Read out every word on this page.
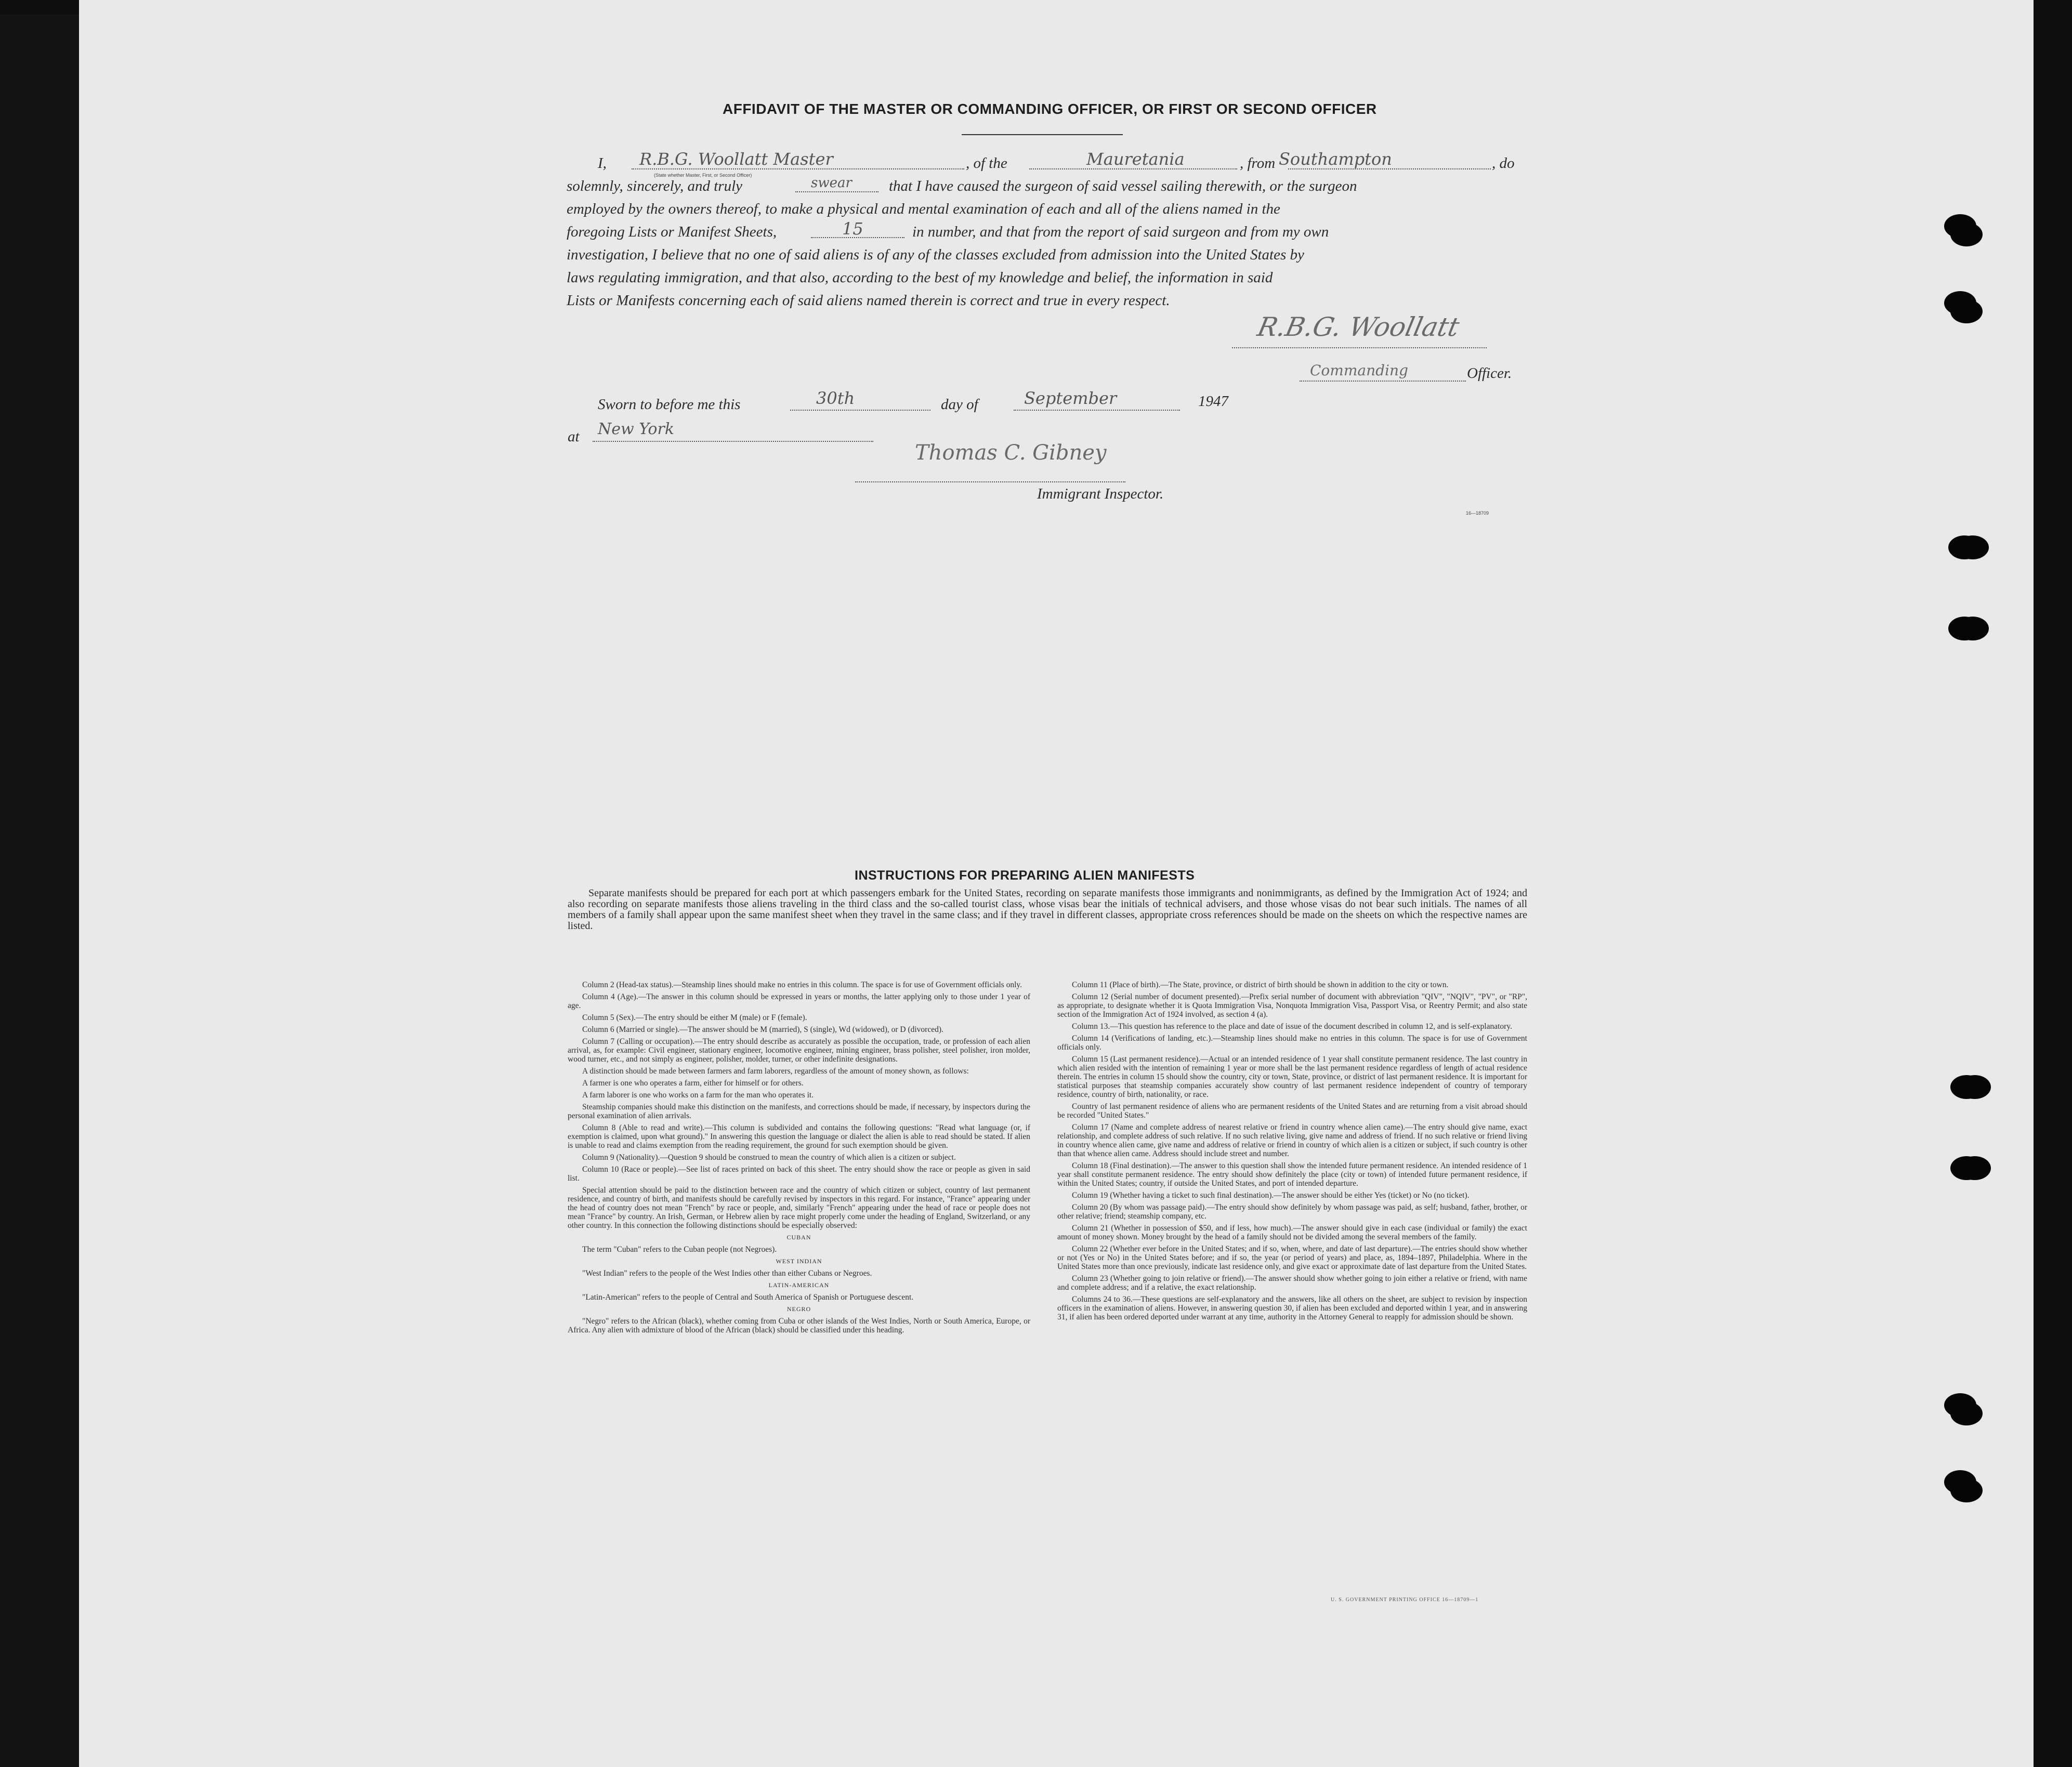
AFFIDAVIT OF THE MASTER OR COMMANDING OFFICER, OR FIRST OR SECOND OFFICER
I, R.B.G. Woollatt Master	, of the	Mauretania	, from Southampton	, do
(State whether Master, First, or Second Officer)
solemnly, sincerely, and truly	swear that I have caused the surgeon of said vessel sailing therewith, or the surgeon
employed by the owners thereof, to make a physical and mental examination of each and all of the aliens named in the
foregoing Lists or Manifest Sheets,	15	in number, and that from the report of said surgeon and from my own
investigation, I believe that no one of said aliens is of any of the classes excluded from admission into the United States by
laws regulating immigration, and that also, according to the best of my knowledge and belief, the information in said
Lists or Manifests concerning each of said aliens named therein is correct and true in every respect.
R.B.G. Woollatt
Commanding	Officer.
Sworn to before me this	30th	day of	September	1947
at New York
Thomas C. Gibney
Immigrant Inspector.
16—18709
INSTRUCTIONS FOR PREPARING ALIEN MANIFESTS
Separate manifests should be prepared for each port at which passengers embark for the United States, recording on separate manifests those immigrants and nonimmigrants, as defined by the Immigration Act of 1924; and also recording on separate manifests those aliens traveling in the third class and the so-called tourist class, whose visas bear the initials of technical advisers, and those whose visas do not bear such initials. The names of all members of a family shall appear upon the same manifest sheet when they travel in the same class; and if they travel in different classes, appropriate cross references should be made on the sheets on which the respective names are listed.

Column 2 (Head-tax status).—Steamship lines should make no entries in this column. The space is for use of Government officials only.

Column 4 (Age).—The answer in this column should be expressed in years or months, the latter applying only to those under 1 year of age.

Column 5 (Sex).—The entry should be either M (male) or F (female).

Column 6 (Married or single).—The answer should be M (married), S (single), Wd (widowed), or D (divorced).

Column 7 (Calling or occupation).—The entry should describe as accurately as possible the occupation, trade, or profession of each alien arrival, as, for example: Civil engineer, stationary engineer, locomotive engineer, mining engineer, brass polisher, steel polisher, iron molder, wood turner, etc., and not simply as engineer, polisher, molder, turner, or other indefinite designations.

A distinction should be made between farmers and farm laborers, regardless of the amount of money shown, as follows:

A farmer is one who operates a farm, either for himself or for others.

A farm laborer is one who works on a farm for the man who operates it.

Steamship companies should make this distinction on the manifests, and corrections should be made, if necessary, by inspectors during the personal examination of alien arrivals.

Column 8 (Able to read and write).—This column is subdivided and contains the following questions: "Read what language (or, if exemption is claimed, upon what ground)." In answering this question the language or dialect the alien is able to read should be stated. If alien is unable to read and claims exemption from the reading requirement, the ground for such exemption should be given.

Column 9 (Nationality).—Question 9 should be construed to mean the country of which alien is a citizen or subject.

Column 10 (Race or people).—See list of races printed on back of this sheet. The entry should show the race or people as given in said list.

Special attention should be paid to the distinction between race and the country of which citizen or subject, country of last permanent residence, and country of birth, and manifests should be carefully revised by inspectors in this regard. For instance, "France" appearing under the head of country does not mean "French" by race or people, and, similarly "French" appearing under the head of race or people does not mean "France" by country. An Irish, German, or Hebrew alien by race might properly come under the heading of England, Switzerland, or any other country. In this connection the following distinctions should be especially observed:

CUBAN

The term "Cuban" refers to the Cuban people (not Negroes).

WEST INDIAN

"West Indian" refers to the people of the West Indies other than either Cubans or Negroes.

LATIN-AMERICAN

"Latin-American" refers to the people of Central and South America of Spanish or Portuguese descent.

NEGRO

"Negro" refers to the African (black), whether coming from Cuba or other islands of the West Indies, North or South America, Europe, or Africa. Any alien with admixture of blood of the African (black) should be classified under this heading.

Column 11 (Place of birth).—The State, province, or district of birth should be shown in addition to the city or town.

Column 12 (Serial number of document presented).—Prefix serial number of document with abbreviation "QIV", "NQIV", "PV", or "RP", as appropriate, to designate whether it is Quota Immigration Visa, Nonquota Immigration Visa, Passport Visa, or Reentry Permit; and also state section of the Immigration Act of 1924 involved, as section 4 (a).

Column 13.—This question has reference to the place and date of issue of the document described in column 12, and is self-explanatory.

Column 14 (Verifications of landing, etc.).—Steamship lines should make no entries in this column. The space is for use of Government officials only.

Column 15 (Last permanent residence).—Actual or an intended residence of 1 year shall constitute permanent residence. The last country in which alien resided with the intention of remaining 1 year or more shall be the last permanent residence regardless of length of actual residence therein. The entries in column 15 should show the country, city or town, State, province, or district of last permanent residence. It is important for statistical purposes that steamship companies accurately show country of last permanent residence independent of country of temporary residence, country of birth, nationality, or race.

Country of last permanent residence of aliens who are permanent residents of the United States and are returning from a visit abroad should be recorded "United States."

Column 17 (Name and complete address of nearest relative or friend in country whence alien came).—The entry should give name, exact relationship, and complete address of such relative. If no such relative living, give name and address of friend. If no such relative or friend living in country whence alien came, give name and address of relative or friend in country of which alien is a citizen or subject, if such country is other than that whence alien came. Address should include street and number.

Column 18 (Final destination).—The answer to this question shall show the intended future permanent residence. An intended residence of 1 year shall constitute permanent residence. The entry should show definitely the place (city or town) of intended future permanent residence, if within the United States; country, if outside the United States, and port of intended departure.

Column 19 (Whether having a ticket to such final destination).—The answer should be either Yes (ticket) or No (no ticket).

Column 20 (By whom was passage paid).—The entry should show definitely by whom passage was paid, as self; husband, father, brother, or other relative; friend; steamship company, etc.

Column 21 (Whether in possession of $50, and if less, how much).—The answer should give in each case (individual or family) the exact amount of money shown. Money brought by the head of a family should not be divided among the several members of the family.

Column 22 (Whether ever before in the United States; and if so, when, where, and date of last departure).—The entries should show whether or not (Yes or No) in the United States before; and if so, the year (or period of years) and place, as, 1894–1897, Philadelphia. Where in the United States more than once previously, indicate last residence only, and give exact or approximate date of last departure from the United States.

Column 23 (Whether going to join relative or friend).—The answer should show whether going to join either a relative or friend, with name and complete address; and if a relative, the exact relationship.

Columns 24 to 36.—These questions are self-explanatory and the answers, like all others on the sheet, are subject to revision by inspection officers in the examination of aliens. However, in answering question 30, if alien has been excluded and deported within 1 year, and in answering 31, if alien has been ordered deported under warrant at any time, authority in the Attorney General to reapply for admission should be shown.

U. S. GOVERNMENT PRINTING OFFICE 16—18709—1
